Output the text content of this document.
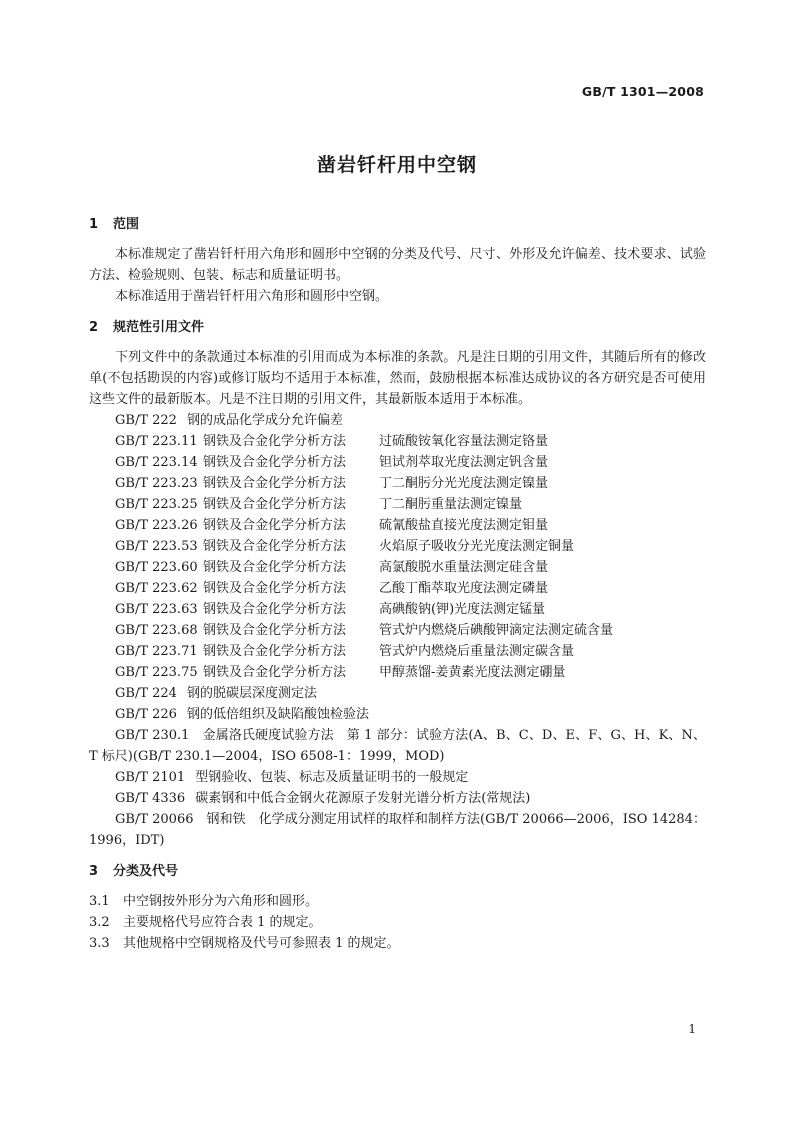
GB/T 1301—2008
凿岩钎杆用中空钢
1 范围

本标准规定了凿岩钎杆用六角形和圆形中空钢的分类及代号、尺寸、外形及允许偏差、技术要求、试验方法、检验规则、包装、标志和质量证明书。

本标准适用于凿岩钎杆用六角形和圆形中空钢。

2 规范性引用文件

下列文件中的条款通过本标准的引用而成为本标准的条款。凡是注日期的引用文件，其随后所有的修改单(不包括勘误的内容)或修订版均不适用于本标准，然而，鼓励根据本标准达成协议的各方研究是否可使用这些文件的最新版本。凡是不注日期的引用文件，其最新版本适用于本标准。

GB/T 222 钢的成品化学成分允许偏差

GB/T 223.11 钢铁及合金化学分析方法	过硫酸铵氧化容量法测定铬量

GB/T 223.14 钢铁及合金化学分析方法	钽试剂萃取光度法测定钒含量

GB/T 223.23 钢铁及合金化学分析方法	丁二酮肟分光光度法测定镍量

GB/T 223.25 钢铁及合金化学分析方法	丁二酮肟重量法测定镍量

GB/T 223.26 钢铁及合金化学分析方法	硫氰酸盐直接光度法测定钼量

GB/T 223.53 钢铁及合金化学分析方法	火焰原子吸收分光光度法测定铜量

GB/T 223.60 钢铁及合金化学分析方法	高氯酸脱水重量法测定硅含量

GB/T 223.62 钢铁及合金化学分析方法	乙酸丁酯萃取光度法测定磷量

GB/T 223.63 钢铁及合金化学分析方法	高碘酸钠(钾)光度法测定锰量

GB/T 223.68 钢铁及合金化学分析方法	管式炉内燃烧后碘酸钾滴定法测定硫含量

GB/T 223.71 钢铁及合金化学分析方法	管式炉内燃烧后重量法测定碳含量

GB/T 223.75 钢铁及合金化学分析方法	甲醇蒸馏-姜黄素光度法测定硼量

GB/T 224 钢的脱碳层深度测定法

GB/T 226 钢的低倍组织及缺陷酸蚀检验法

GB/T 230.1　金属洛氏硬度试验方法　第 1 部分：试验方法(A、B、C、D、E、F、G、H、K、N、T 标尺)(GB/T 230.1—2004，ISO 6508-1：1999，MOD)

GB/T 2101 型钢验收、包装、标志及质量证明书的一般规定

GB/T 4336 碳素钢和中低合金钢火花源原子发射光谱分析方法(常规法)

GB/T 20066　钢和铁　化学成分测定用试样的取样和制样方法(GB/T 20066—2006，ISO 14284：1996，IDT)

3 分类及代号

3.1 中空钢按外形分为六角形和圆形。

3.2 主要规格代号应符合表 1 的规定。

3.3 其他规格中空钢规格及代号可参照表 1 的规定。

1
